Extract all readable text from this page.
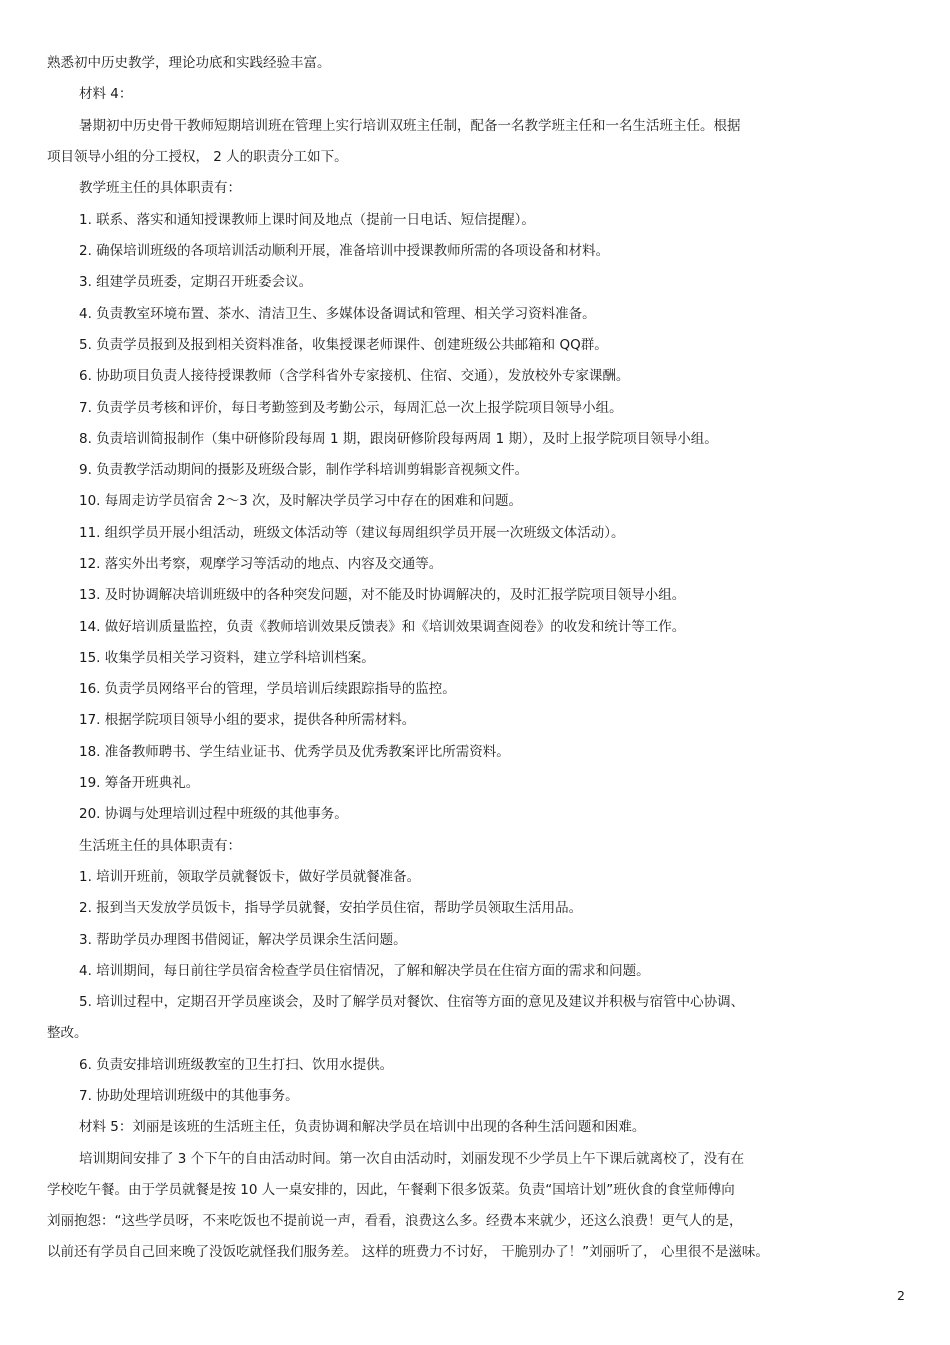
熟悉初中历史教学，理论功底和实践经验丰富。
材料 4：
暑期初中历史骨干教师短期培训班在管理上实行培训双班主任制，配备一名教学班主任和一名生活班主任。根据
项目领导小组的分工授权， 2 人的职责分工如下。
教学班主任的具体职责有：
1. 联系、落实和通知授课教师上课时间及地点（提前一日电话、短信提醒）。
2. 确保培训班级的各项培训活动顺利开展，准备培训中授课教师所需的各项设备和材料。
3. 组建学员班委，定期召开班委会议。
4. 负责教室环境布置、茶水、清洁卫生、多媒体设备调试和管理、相关学习资料准备。
5. 负责学员报到及报到相关资料准备，收集授课老师课件、创建班级公共邮箱和 QQ群。
6. 协助项目负责人接待授课教师（含学科省外专家接机、住宿、交通），发放校外专家课酬。
7. 负责学员考核和评价，每日考勤签到及考勤公示，每周汇总一次上报学院项目领导小组。
8. 负责培训简报制作（集中研修阶段每周 1 期，跟岗研修阶段每两周 1 期），及时上报学院项目领导小组。
9. 负责教学活动期间的摄影及班级合影，制作学科培训剪辑影音视频文件。
10. 每周走访学员宿舍 2～3 次，及时解决学员学习中存在的困难和问题。
11. 组织学员开展小组活动，班级文体活动等（建议每周组织学员开展一次班级文体活动）。
12. 落实外出考察，观摩学习等活动的地点、内容及交通等。
13. 及时协调解决培训班级中的各种突发问题，对不能及时协调解决的，及时汇报学院项目领导小组。
14. 做好培训质量监控，负责《教师培训效果反馈表》和《培训效果调查阅卷》的收发和统计等工作。
15. 收集学员相关学习资料，建立学科培训档案。
16. 负责学员网络平台的管理，学员培训后续跟踪指导的监控。
17. 根据学院项目领导小组的要求，提供各种所需材料。
18. 准备教师聘书、学生结业证书、优秀学员及优秀教案评比所需资料。
19. 筹备开班典礼。
20. 协调与处理培训过程中班级的其他事务。
生活班主任的具体职责有：
1. 培训开班前，领取学员就餐饭卡，做好学员就餐准备。
2. 报到当天发放学员饭卡，指导学员就餐，安拍学员住宿，帮助学员领取生活用品。
3. 帮助学员办理图书借阅证，解决学员课余生活问题。
4. 培训期间，每日前往学员宿舍检查学员住宿情况，了解和解决学员在住宿方面的需求和问题。
5. 培训过程中，定期召开学员座谈会，及时了解学员对餐饮、住宿等方面的意见及建议并积极与宿管中心协调、
整改。
6. 负责安排培训班级教室的卫生打扫、饮用水提供。
7. 协助处理培训班级中的其他事务。
材料 5：刘丽是该班的生活班主任，负责协调和解决学员在培训中出现的各种生活问题和困难。
培训期间安排了 3 个下午的自由活动时间。第一次自由活动时，刘丽发现不少学员上午下课后就离校了，没有在
学校吃午餐。由于学员就餐是按 10 人一桌安排的，因此，午餐剩下很多饭菜。负责“国培计划”班伙食的食堂师傅向
刘丽抱怨：“这些学员呀，不来吃饭也不提前说一声，看看，浪费这么多。经费本来就少，还这么浪费！更气人的是，
以前还有学员自己回来晚了没饭吃就怪我们服务差。 这样的班费力不讨好， 干脆别办了！”刘丽听了， 心里很不是滋味。
2
